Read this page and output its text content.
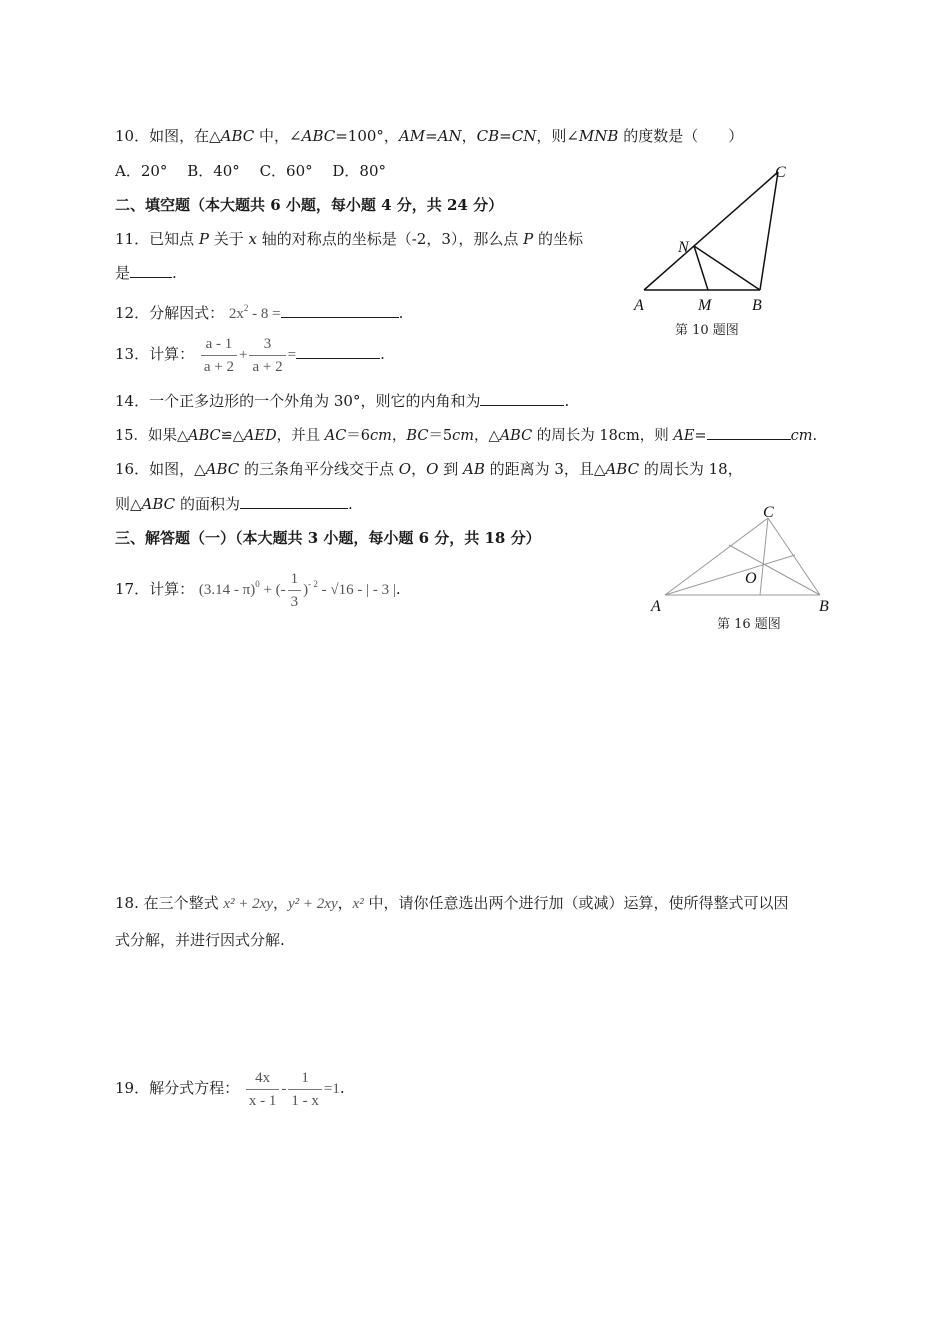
10．如图，在△ABC 中，∠ABC=100°，AM=AN，CB=CN，则∠MNB 的度数是（　　）
A．20°　 B．40°　 C．60°　 D．80°
二、填空题（本大题共 6 小题，每小题 4 分，共 24 分）
11．已知点 P 关于 x 轴的对称点的坐标是（-2，3），那么点 P 的坐标
是	.
12．分解因式： $2x^2 - 8$ =	.
13．计算： $\frac{a - 1}{a + 2} + \frac{3}{a + 2}$ =	.
14．一个正多边形的一个外角为 30°，则它的内角和为	.
15．如果△ABC≌△AED，并且 AC＝6cm，BC＝5cm，△ABC 的周长为 18cm，则 AE=	cm.
16．如图，△ABC 的三条角平分线交于点 O，O 到 AB 的距离为 3，且△ABC 的周长为 18，
则△ABC 的面积为	.
三、解答题（一）（本大题共 3 小题，每小题 6 分，共 18 分）
17．计算： (3.14 - π)$^0$ + (- $\frac{1}{3} )^{- 2} - √16$ - | - 3 |.
18. 在三个整式 x² + 2xy，y² + 2xy，x² 中，请你任意选出两个进行加（或减）运算，使所得整式可以因
式分解，并进行因式分解.
19．解分式方程： $\frac{4x}{x - 1} - \frac{1}{1 - x} =1$.
A	M	B
C
N
第 10 题图
A	B
C
O
第 16 题图
